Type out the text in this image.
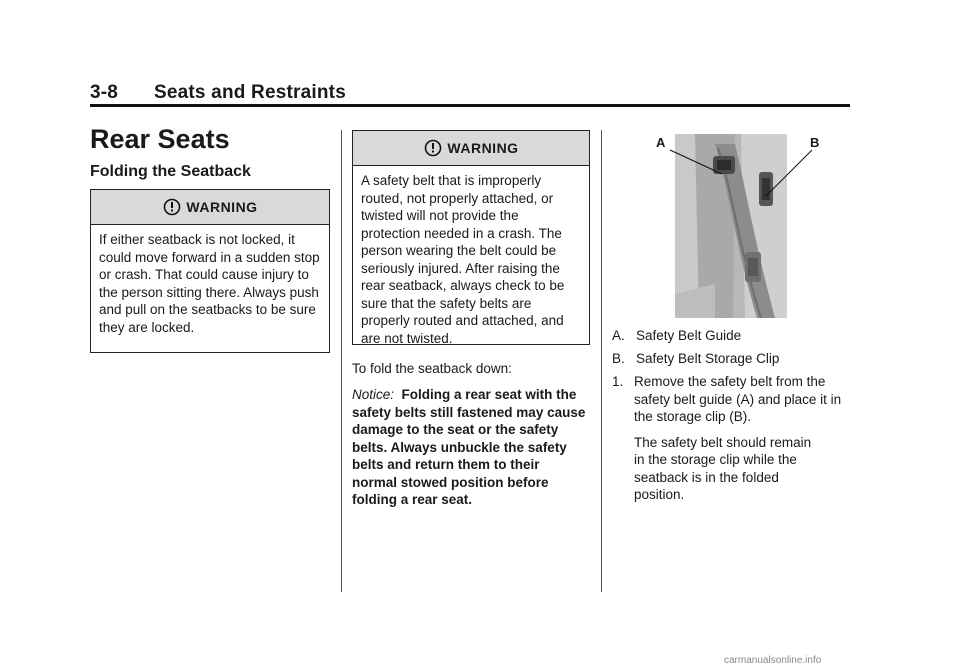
3-8	Seats and Restraints
Rear Seats
Folding the Seatback
WARNING
If either seatback is not locked, it could move forward in a sudden stop or crash. That could cause injury to the person sitting there. Always push and pull on the seatbacks to be sure they are locked.
WARNING
A safety belt that is improperly routed, not properly attached, or twisted will not provide the protection needed in a crash. The person wearing the belt could be seriously injured. After raising the rear seatback, always check to be sure that the safety belts are properly routed and attached, and are not twisted.

To fold the seatback down:

Notice: Folding a rear seat with the safety belts still fastened may cause damage to the seat or the safety belts. Always unbuckle the safety belts and return them to their normal stowed position before folding a rear seat.

A	B
A. Safety Belt Guide
B. Safety Belt Storage Clip
1. Remove the safety belt from the safety belt guide (A) and place it in the storage clip (B).
The safety belt should remain in the storage clip while the seatback is in the folded position.
carmanualsonline.info
